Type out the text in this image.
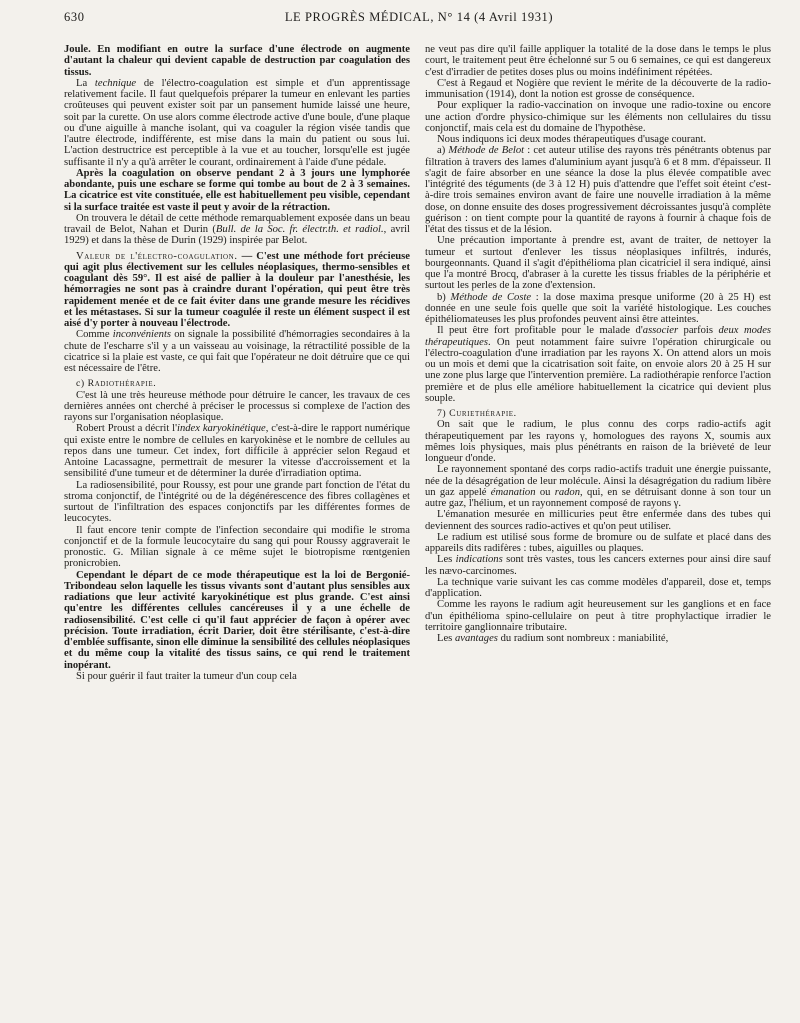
630	LE PROGRÈS MÉDICAL, N° 14 (4 Avril 1931)

Joule. En modifiant en outre la surface d'une électrode on augmente d'autant la chaleur qui devient capable de destruction par coagulation des tissus.

La technique de l'électro-coagulation est simple et d'un apprentissage relativement facile. Il faut quelquefois préparer la tumeur en enlevant les parties croûteuses qui peuvent exister soit par un pansement humide laissé une heure, soit par la curette. On use alors comme électrode active d'une boule, d'une plaque ou d'une aiguille à manche isolant, qui va coaguler la région visée tandis que l'autre électrode, indifférente, est mise dans la main du patient ou sous lui. L'action destructrice est perceptible à la vue et au toucher, lorsqu'elle est jugée suffisante il n'y a qu'à arrêter le courant, ordinairement à l'aide d'une pédale.

Après la coagulation on observe pendant 2 à 3 jours une lymphorée abondante, puis une eschare se forme qui tombe au bout de 2 à 3 semaines. La cicatrice est vite constituée, elle est habituellement peu visible, cependant si la surface traitée est vaste il peut y avoir de la rétraction.

On trouvera le détail de cette méthode remarquablement exposée dans un beau travail de Belot, Nahan et Durin (Bull. de la Soc. fr. électr.th. et radiol., avril 1929) et dans la thèse de Durin (1929) inspirée par Belot.

Valeur de l'électro-coagulation. — C'est une méthode fort précieuse qui agit plus électivement sur les cellules néoplasiques, thermo-sensibles et coagulant dès 59°. Il est aisé de pallier à la douleur par l'anesthésie, les hémorragies ne sont pas à craindre durant l'opération, qui peut être très rapidement menée et de ce fait éviter dans une grande mesure les récidives et les métastases. Si sur la tumeur coagulée il reste un élément suspect il est aisé d'y porter à nouveau l'électrode.

Comme inconvénients on signale la possibilité d'hémorragies secondaires à la chute de l'escharre s'il y a un vaisseau au voisinage, la rétractilité possible de la cicatrice si la plaie est vaste, ce qui fait que l'opérateur ne doit détruire que ce qui est nécessaire de l'être.

c) Radiothérapie.

C'est là une très heureuse méthode pour détruire le cancer, les travaux de ces dernières années ont cherché à préciser le processus si complexe de l'action des rayons sur l'organisation néoplasique.

Robert Proust a décrit l'index karyokinétique, c'est-à-dire le rapport numérique qui existe entre le nombre de cellules en karyokinèse et le nombre de cellules au repos dans une tumeur. Cet index, fort difficile à apprécier selon Regaud et Antoine Lacassagne, permettrait de mesurer la vitesse d'accroissement et la sensibilité d'une tumeur et de déterminer la durée d'irradiation optima.

La radiosensibilité, pour Roussy, est pour une grande part fonction de l'état du stroma conjonctif, de l'intégrité ou de la dégénérescence des fibres collagènes et surtout de l'infiltration des espaces conjonctifs par les différentes formes de leucocytes.

Il faut encore tenir compte de l'infection secondaire qui modifie le stroma conjonctif et de la formule leucocytaire du sang qui pour Roussy aggraverait le pronostic. G. Milian signale à ce même sujet le biotropisme rœntgenien pronicrobien.

Cependant le départ de ce mode thérapeutique est la loi de Bergonié-Tribondeau selon laquelle les tissus vivants sont d'autant plus sensibles aux radiations que leur activité karyokinétique est plus grande. C'est ainsi qu'entre les différentes cellules cancéreuses il y a une échelle de radiosensibilité. C'est celle ci qu'il faut apprécier de façon à opérer avec précision. Toute irradiation, écrit Darier, doit être stérilisante, c'est-à-dire d'emblée suffisante, sinon elle diminue la sensibilité des cellules néoplasiques et du même coup la vitalité des tissus sains, ce qui rend le traitement inopérant.

Si pour guérir il faut traiter la tumeur d'un coup cela

ne veut pas dire qu'il faille appliquer la totalité de la dose dans le temps le plus court, le traitement peut être échelonné sur 5 ou 6 semaines, ce qui est dangereux c'est d'irradier de petites doses plus ou moins indéfiniment répétées.

C'est à Regaud et Nogière que revient le mérite de la découverte de la radio-immunisation (1914), dont la notion est grosse de conséquence.

Pour expliquer la radio-vaccination on invoque une radio-toxine ou encore une action d'ordre physico-chimique sur les éléments non cellulaires du tissu conjonctif, mais cela est du domaine de l'hypothèse.

Nous indiquons ici deux modes thérapeutiques d'usage courant.

a) Méthode de Belot : cet auteur utilise des rayons très pénétrants obtenus par filtration à travers des lames d'aluminium ayant jusqu'à 6 et 8 mm. d'épaisseur. Il s'agit de faire absorber en une séance la dose la plus élevée compatible avec l'intégrité des téguments (de 3 à 12 H) puis d'attendre que l'effet soit éteint c'est-à-dire trois semaines environ avant de faire une nouvelle irradiation à la même dose, on donne ensuite des doses progressivement décroissantes jusqu'à complète guérison : on tient compte pour la quantité de rayons à fournir à chaque fois de l'état des tissus et de la lésion.

Une précaution importante à prendre est, avant de traiter, de nettoyer la tumeur et surtout d'enlever les tissus néoplasiques infiltrés, indurés, bourgeonnants. Quand il s'agit d'épithélioma plan cicatriciel il sera indiqué, ainsi que l'a montré Brocq, d'abraser à la curette les tissus friables de la périphérie et surtout les perles de la zone d'extension.

b) Méthode de Coste : la dose maxima presque uniforme (20 à 25 H) est donnée en une seule fois quelle que soit la variété histologique. Les couches épithéliomateuses les plus profondes peuvent ainsi être atteintes.

Il peut être fort profitable pour le malade d'associer parfois deux modes thérapeutiques. On peut notamment faire suivre l'opération chirurgicale ou l'électro-coagulation d'une irradiation par les rayons X. On attend alors un mois ou un mois et demi que la cicatrisation soit faite, on envoie alors 20 à 25 H sur une zone plus large que l'intervention première. La radiothérapie renforce l'action première et de plus elle améliore habituellement la cicatrice qui devient plus souple.

7) Curiethérapie.

On sait que le radium, le plus connu des corps radio-actifs agit thérapeutiquement par les rayons γ, homologues des rayons X, soumis aux mêmes lois physiques, mais plus pénétrants en raison de la brièveté de leur longueur d'onde.

Le rayonnement spontané des corps radio-actifs traduit une énergie puissante, née de la désagrégation de leur molécule. Ainsi la désagrégation du radium libère un gaz appelé émanation ou radon, qui, en se détruisant donne à son tour un autre gaz, l'hélium, et un rayonnement composé de rayons γ.

L'émanation mesurée en millicuries peut être enfermée dans des tubes qui deviennent des sources radio-actives et qu'on peut utiliser.

Le radium est utilisé sous forme de bromure ou de sulfate et placé dans des appareils dits radifères : tubes, aiguilles ou plaques.

Les indications sont très vastes, tous les cancers externes pour ainsi dire sauf les nævo-carcinomes.

La technique varie suivant les cas comme modèles d'appareil, dose et, temps d'application.

Comme les rayons le radium agit heureusement sur les ganglions et en face d'un épithélioma spino-cellulaire on peut à titre prophylactique irradier le territoire ganglionnaire tributaire.

Les avantages du radium sont nombreux : maniabilité,
